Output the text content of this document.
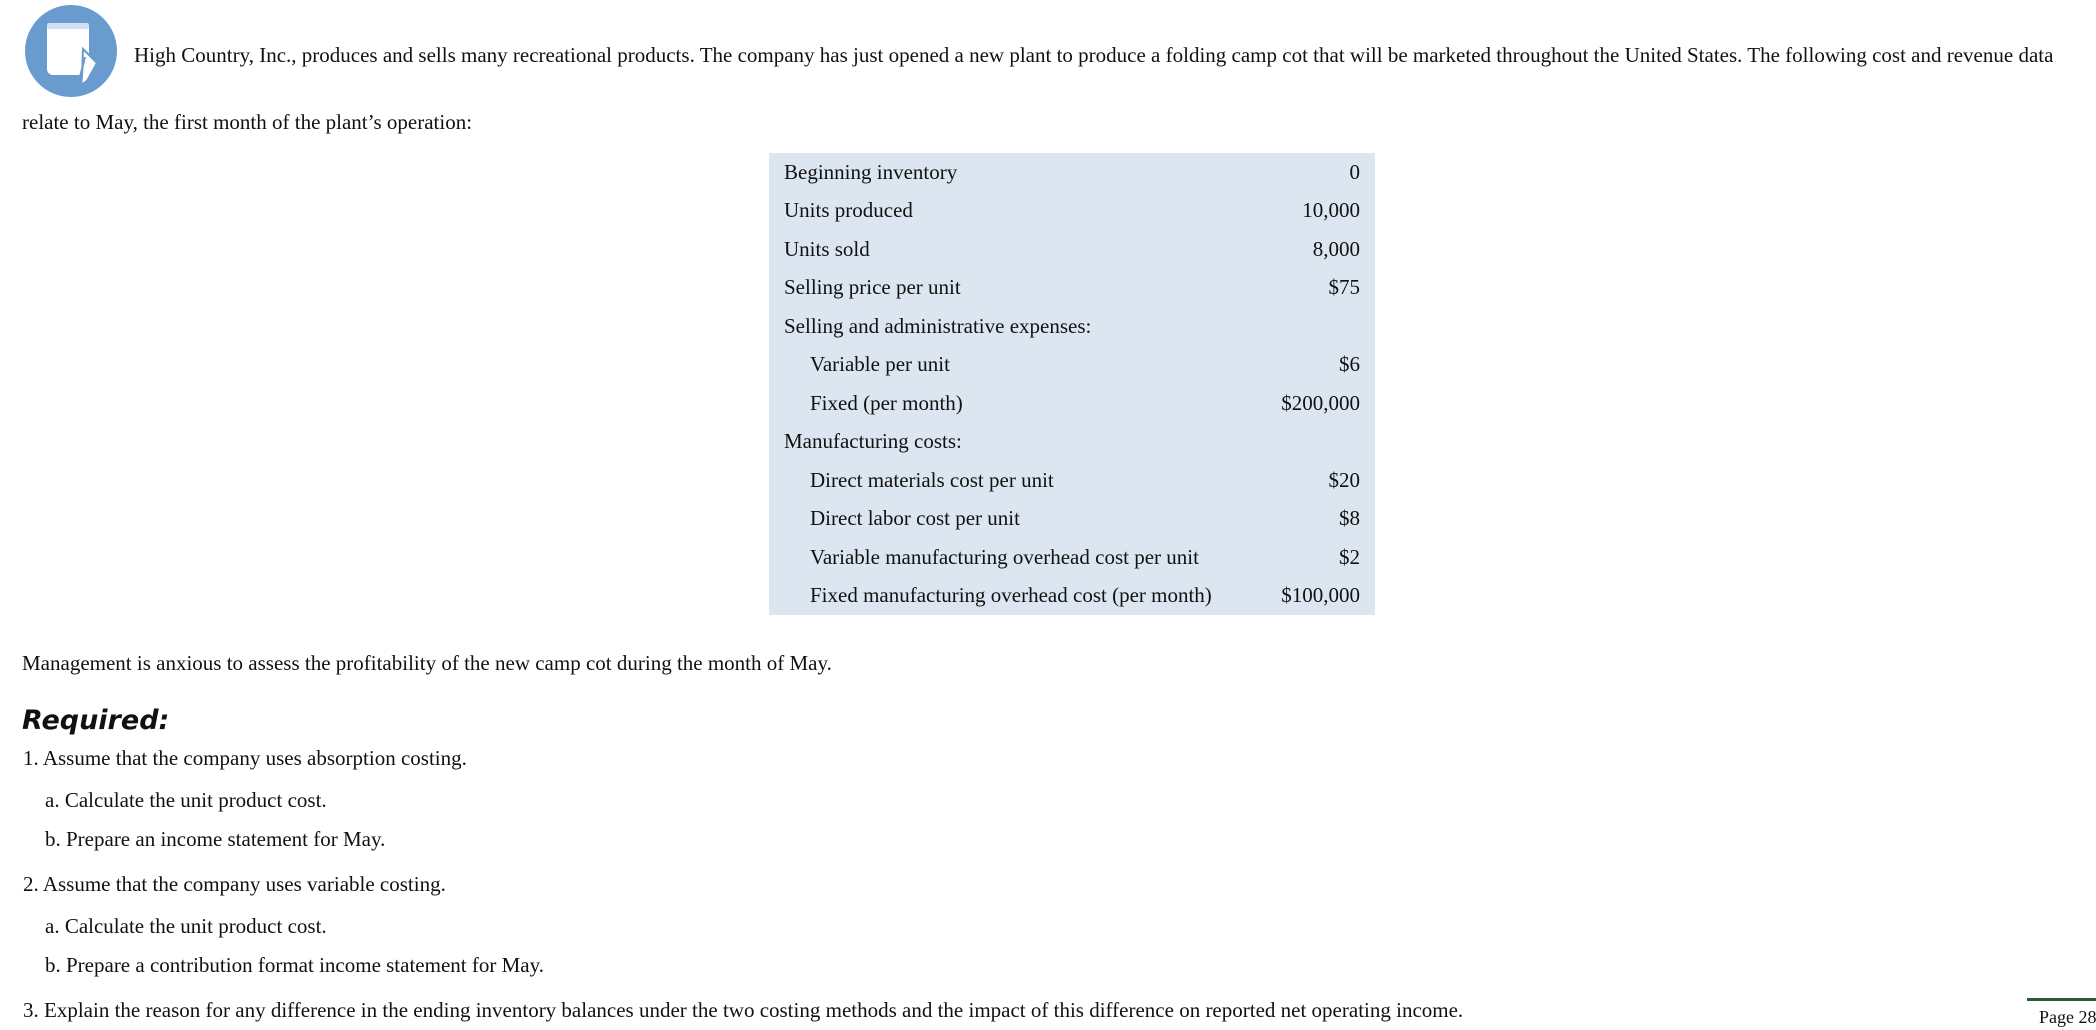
High Country, Inc., produces and sells many recreational products. The company has just opened a new plant to produce a folding camp cot that will be marketed throughout the United States. The following cost and revenue data relate to May, the first month of the plant’s operation:

Beginning inventory	0
Units produced	10,000
Units sold	8,000
Selling price per unit	$75
Selling and administrative expenses:	
Variable per unit	$6
Fixed (per month)	$200,000
Manufacturing costs:	
Direct materials cost per unit	$20
Direct labor cost per unit	$8
Variable manufacturing overhead cost per unit	$2
Fixed manufacturing overhead cost (per month)	$100,000

Management is anxious to assess the profitability of the new camp cot during the month of May.

Required:

1. Assume that the company uses absorption costing.

a. Calculate the unit product cost.

b. Prepare an income statement for May.

2. Assume that the company uses variable costing.

a. Calculate the unit product cost.

b. Prepare a contribution format income statement for May.

3. Explain the reason for any difference in the ending inventory balances under the two costing methods and the impact of this difference on reported net operating income.	Page 28
